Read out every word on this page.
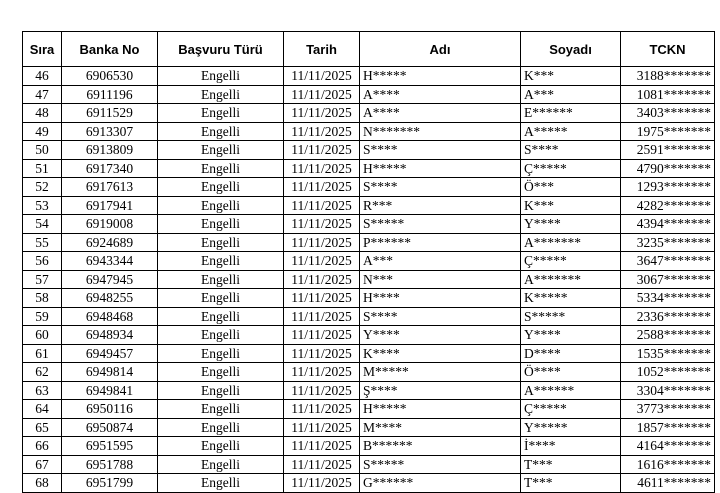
Sıra	Banka No	Başvuru Türü	Tarih	Adı	Soyadı	TCKN
46	6906530	Engelli	11/11/2025	H*****	K***	3188*******
47	6911196	Engelli	11/11/2025	A****	A***	1081*******
48	6911529	Engelli	11/11/2025	A****	E******	3403*******
49	6913307	Engelli	11/11/2025	N*******	A*****	1975*******
50	6913809	Engelli	11/11/2025	S****	S****	2591*******
51	6917340	Engelli	11/11/2025	H*****	Ç*****	4790*******
52	6917613	Engelli	11/11/2025	S****	Ö***	1293*******
53	6917941	Engelli	11/11/2025	R***	K***	4282*******
54	6919008	Engelli	11/11/2025	S*****	Y****	4394*******
55	6924689	Engelli	11/11/2025	P******	A*******	3235*******
56	6943344	Engelli	11/11/2025	A***	Ç*****	3647*******
57	6947945	Engelli	11/11/2025	N***	A*******	3067*******
58	6948255	Engelli	11/11/2025	H****	K*****	5334*******
59	6948468	Engelli	11/11/2025	S****	S*****	2336*******
60	6948934	Engelli	11/11/2025	Y****	Y****	2588*******
61	6949457	Engelli	11/11/2025	K****	D****	1535*******
62	6949814	Engelli	11/11/2025	M*****	Ö****	1052*******
63	6949841	Engelli	11/11/2025	Ş****	A******	3304*******
64	6950116	Engelli	11/11/2025	H*****	Ç*****	3773*******
65	6950874	Engelli	11/11/2025	M****	Y*****	1857*******
66	6951595	Engelli	11/11/2025	B******	İ****	4164*******
67	6951788	Engelli	11/11/2025	S*****	T***	1616*******
68	6951799	Engelli	11/11/2025	G******	T***	4611*******
